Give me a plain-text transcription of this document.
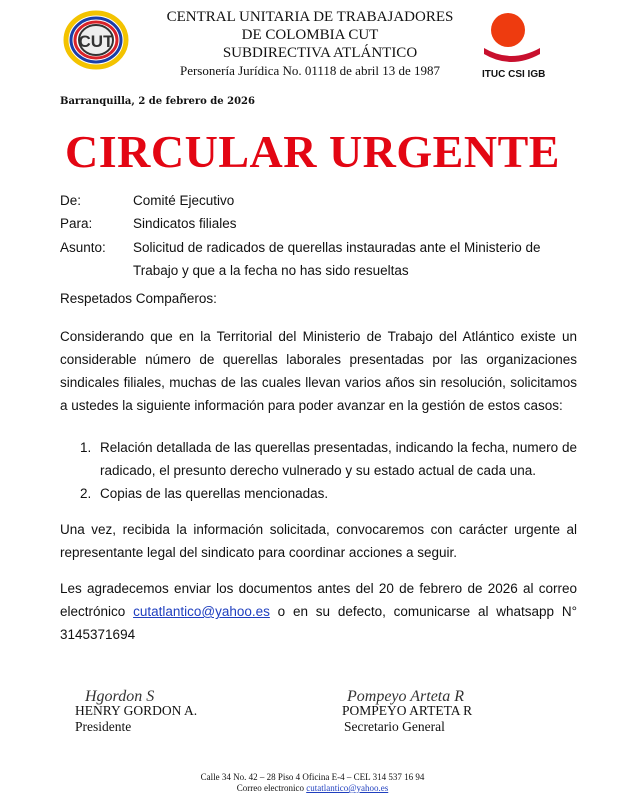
CUT
CENTRAL UNITARIA DE TRABAJADORES
DE COLOMBIA CUT
SUBDIRECTIVA ATLÁNTICO
Personería Jurídica No. 01118 de abril 13 de 1987	ITUC CSI IGB
Barranquilla, 2 de febrero de 2026
CIRCULAR URGENTE
De:	Comité Ejecutivo
Para:	Sindicatos filiales
Asunto:	Solicitud de radicados de querellas instauradas ante el Ministerio de Trabajo y que a la fecha no has sido resueltas
Respetados Compañeros:
Considerando que en la Territorial del Ministerio de Trabajo del Atlántico existe un considerable número de querellas laborales presentadas por las organizaciones sindicales filiales, muchas de las cuales llevan varios años sin resolución, solicitamos a ustedes la siguiente información para poder avanzar en la gestión de estos casos:
1. Relación detallada de las querellas presentadas, indicando la fecha, numero de radicado, el presunto derecho vulnerado y su estado actual de cada una.
2. Copias de las querellas mencionadas.
Una vez, recibida la información solicitada, convocaremos con carácter urgente al representante legal del sindicato para coordinar acciones a seguir.
Les agradecemos enviar los documentos antes del 20 de febrero de 2026 al correo electrónico cutatlantico@yahoo.es o en su defecto, comunicarse al whatsapp N° 3145371694
Hgordon S
HENRY GORDON A.
Presidente
Pompeyo Arteta R
POMPEYO ARTETA R
Secretario General
Calle 34 No. 42 – 28 Piso 4 Oficina E-4 – CEL 314 537 16 94
Correo electronico cutatlantico@yahoo.es
